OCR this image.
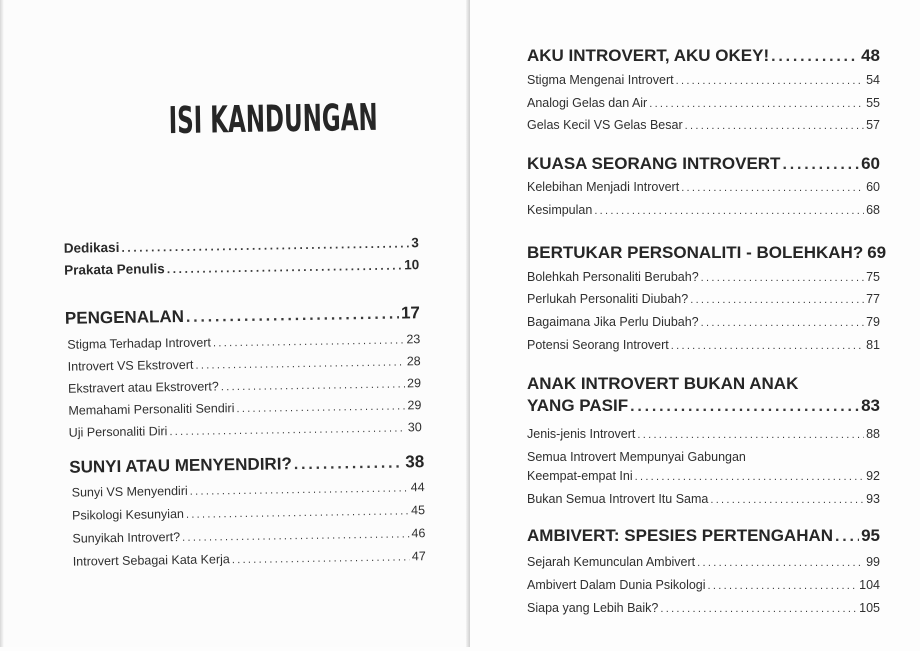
ISI KANDUNGAN
Dedikasi .....	3
Prakata Penulis .....	10
PENGENALAN .....	17
Stigma Terhadap Introvert .....	23
Introvert VS Ekstrovert .....	28
Ekstravert atau Ekstrovert? .....	29
Memahami Personaliti Sendiri .....	29
Uji Personaliti Diri .....	30
SUNYI ATAU MENYENDIRI? .....	38
Sunyi VS Menyendiri .....	44
Psikologi Kesunyian .....	45
Sunyikah Introvert? .....	46
Introvert Sebagai Kata Kerja .....	47
AKU INTROVERT, AKU OKEY! .....	48
Stigma Mengenai Introvert .....	54
Analogi Gelas dan Air .....	55
Gelas Kecil VS Gelas Besar .....	57
KUASA SEORANG INTROVERT .....	60
Kelebihan Menjadi Introvert .....	60
Kesimpulan .....	68
BERTUKAR PERSONALITI - BOLEHKAH? 69
Bolehkah Personaliti Berubah? .....	75
Perlukah Personaliti Diubah? .....	77
Bagaimana Jika Perlu Diubah? .....	79
Potensi Seorang Introvert .....	81
ANAK INTROVERT BUKAN ANAK
YANG PASIF .....	83
Jenis-jenis Introvert .....	88
Semua Introvert Mempunyai Gabungan
Keempat-empat Ini .....	92
Bukan Semua Introvert Itu Sama .....	93
AMBIVERT: SPESIES PERTENGAHAN ..... 95
Sejarah Kemunculan Ambivert .....	99
Ambivert Dalam Dunia Psikologi .....	104
Siapa yang Lebih Baik? .....	105
